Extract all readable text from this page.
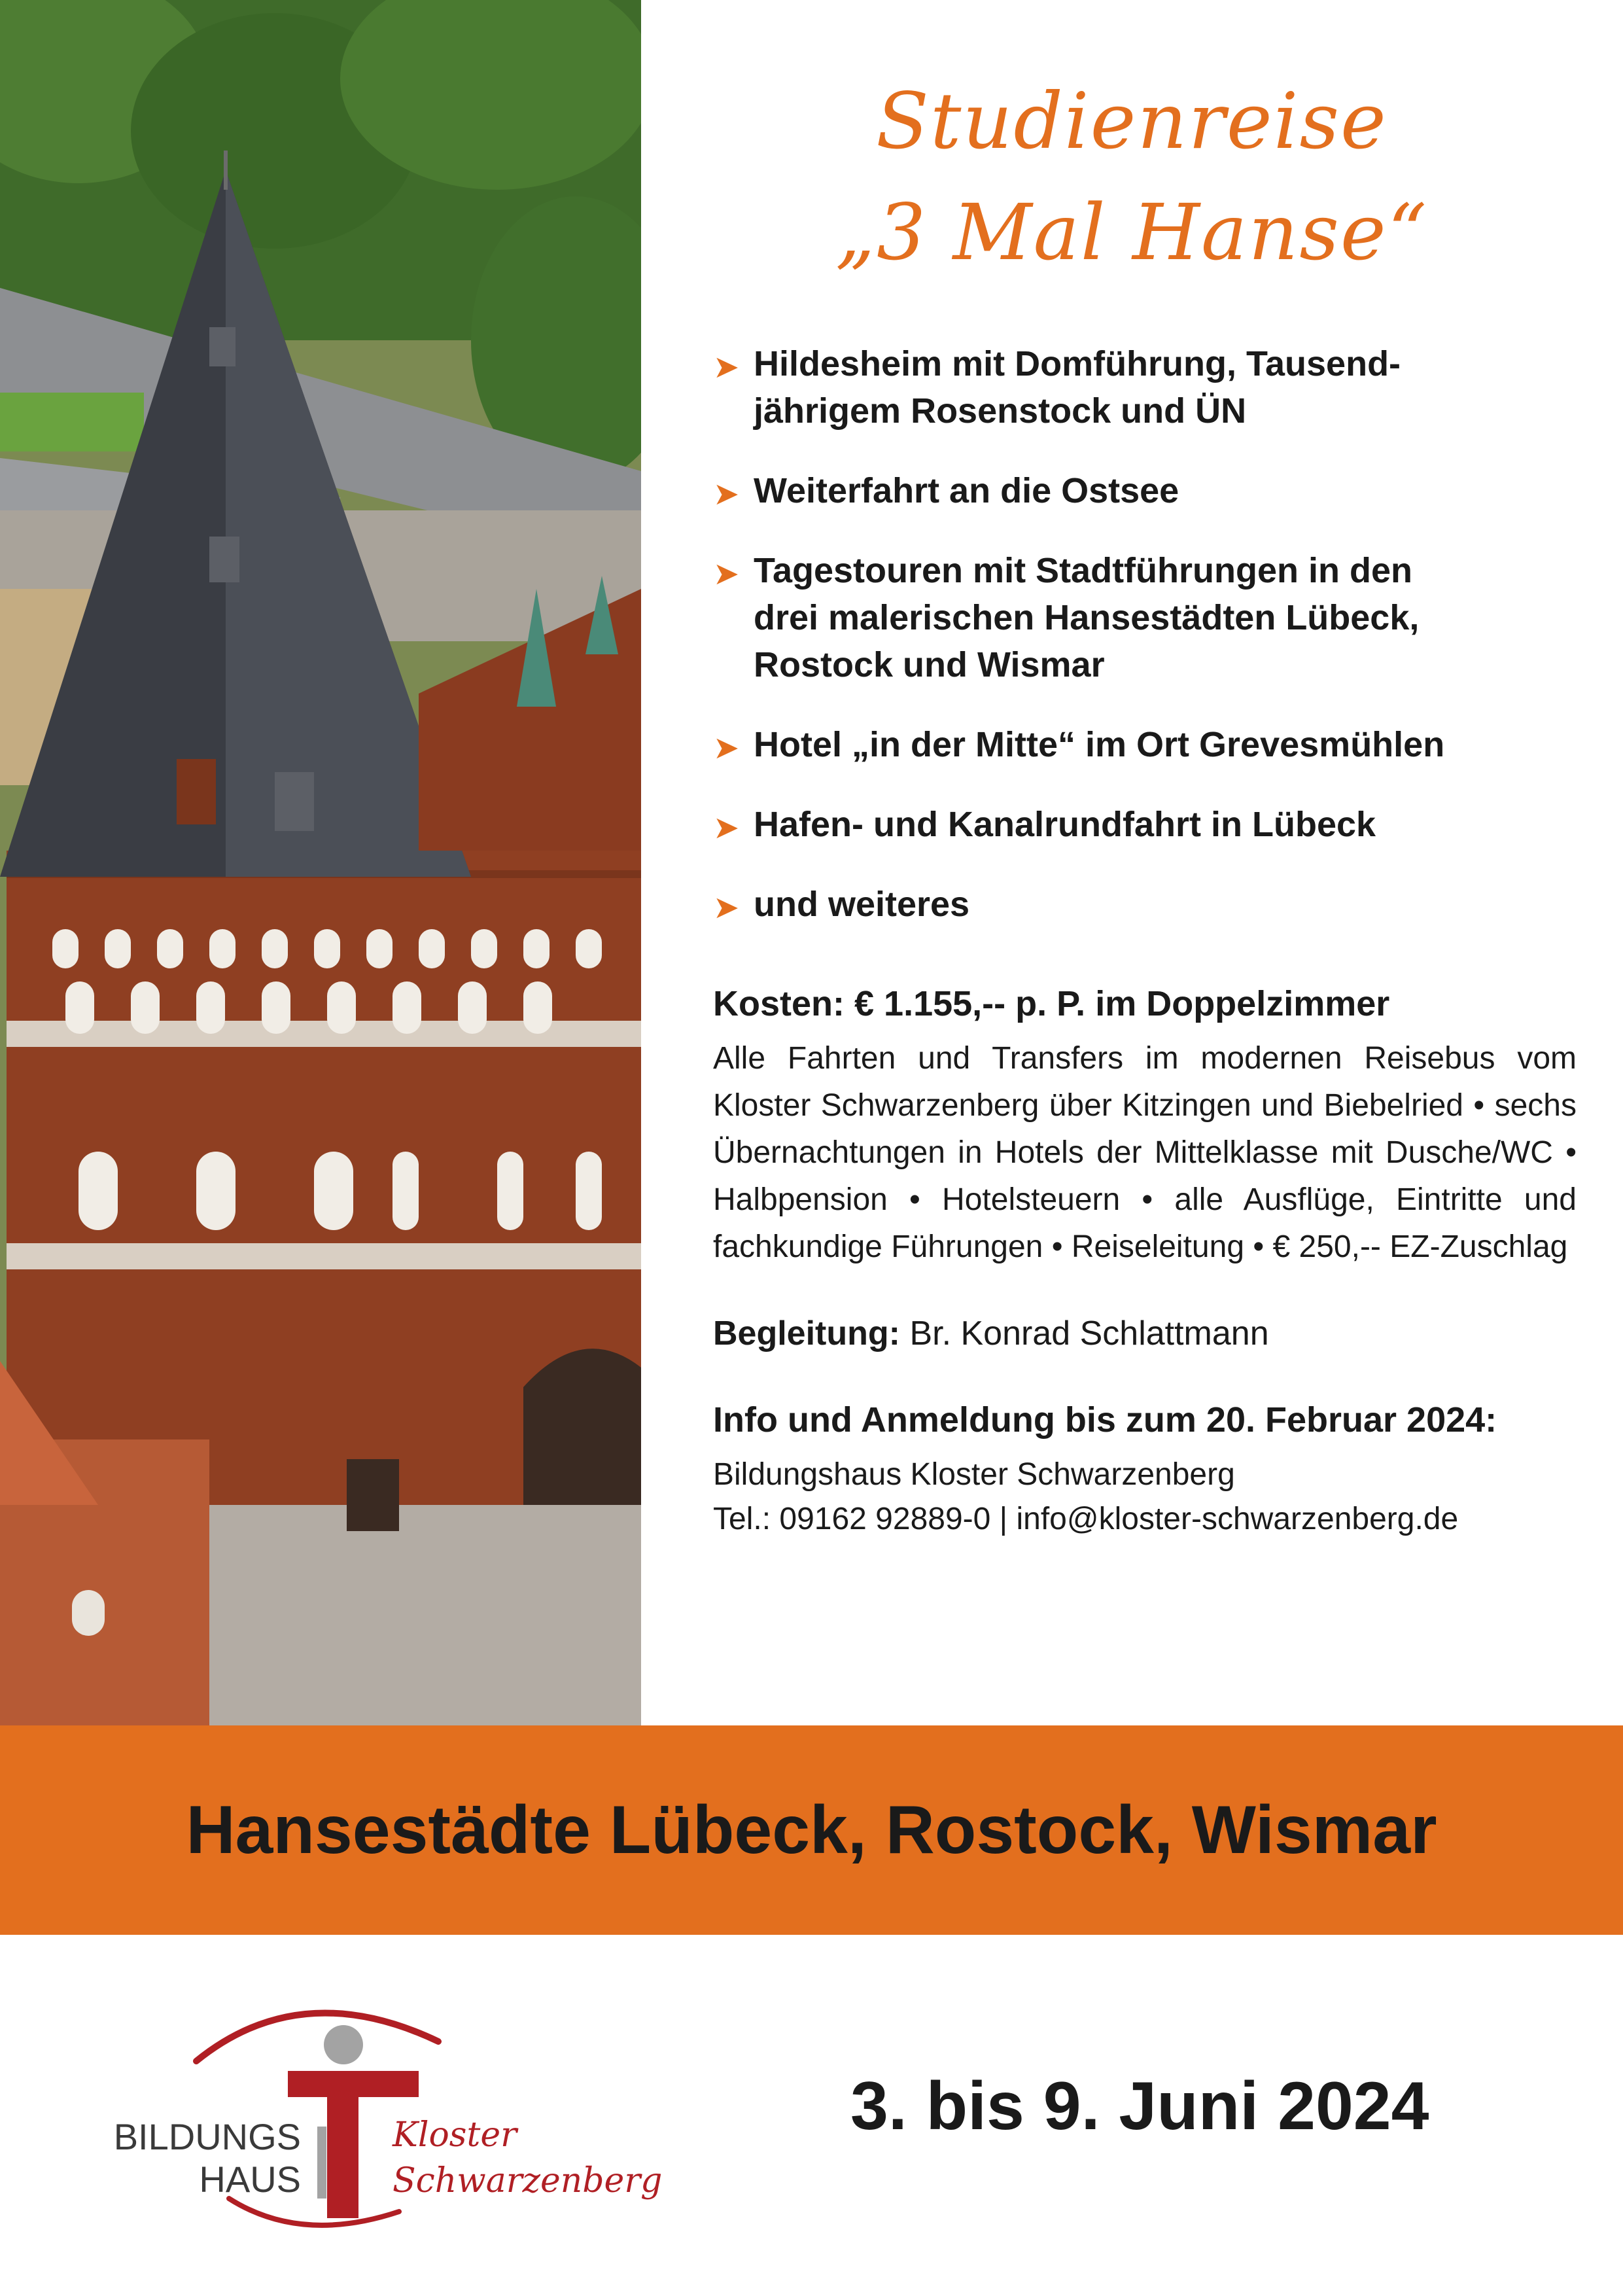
Studienreise
„3 Mal Hanse“
➤ Hildesheim mit Domführung, Tausend-
jährigem Rosenstock und ÜN
➤ Weiterfahrt an die Ostsee
➤ Tagestouren mit Stadtführungen in den
drei malerischen Hansestädten Lübeck,
Rostock und Wismar
➤ Hotel „in der Mitte“ im Ort Grevesmühlen
➤ Hafen- und Kanalrundfahrt in Lübeck
➤ und weiteres
Kosten: € 1.155,-- p. P. im Doppelzimmer
Alle Fahrten und Transfers im modernen Reisebus vom Kloster Schwarzenberg über Kitzingen und Biebelried • sechs Übernachtungen in Hotels der Mittelklasse mit Dusche/WC • Halbpension • Hotelsteuern • alle Ausflüge, Eintritte und fachkundige Führungen • Reiseleitung • € 250,-- EZ-Zuschlag
Begleitung: Br. Konrad Schlattmann
Info und Anmeldung bis zum 20. Februar 2024:
Bildungshaus Kloster Schwarzenberg
Tel.: 09162 92889-0 | info@kloster-schwarzenberg.de
Hansestädte Lübeck, Rostock, Wismar
BILDUNGS
HAUS
Kloster
Schwarzenberg
3. bis 9. Juni 2024
